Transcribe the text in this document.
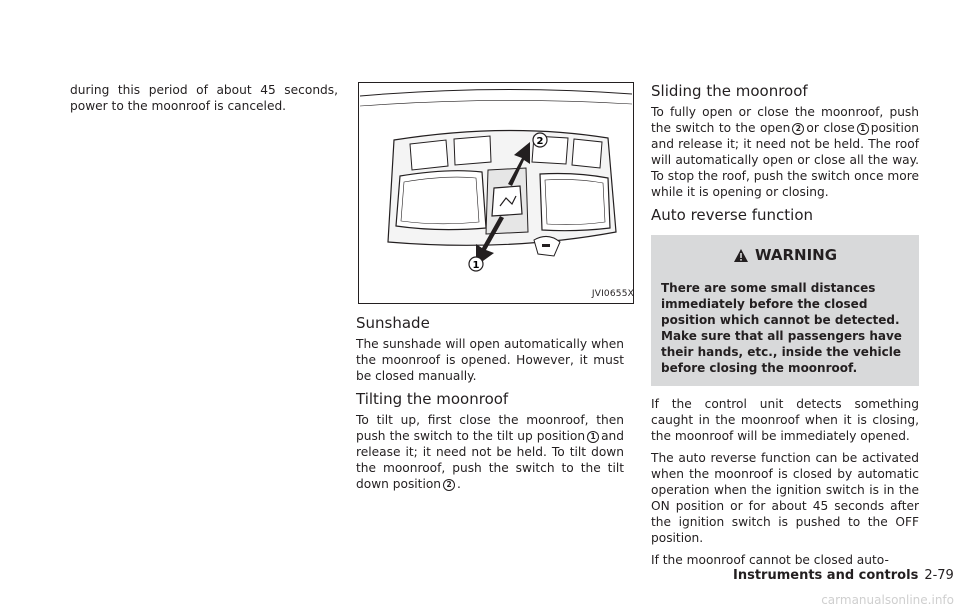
during this period of about 45 seconds, power to the moonroof is canceled.

2
1
JVI0655X
Sunshade

The sunshade will open automatically when the moonroof is opened. However, it must be closed manually.

Tilting the moonroof

To tilt up, first close the moonroof, then push the switch to the tilt up position 1 and release it; it need not be held. To tilt down the moonroof, push the switch to the tilt down position 2 .

Sliding the moonroof

To fully open or close the moonroof, push the switch to the open 2 or close 1 position and release it; it need not be held. The roof will automatically open or close all the way. To stop the roof, push the switch once more while it is opening or closing.

Auto reverse function
WARNING
There are some small distances immediately before the closed position which cannot be detected. Make sure that all passengers have their hands, etc., inside the vehicle before closing the moonroof.

If the control unit detects something caught in the moonroof when it is closing, the moonroof will be immediately opened.

The auto reverse function can be activated when the moonroof is closed by automatic operation when the ignition switch is in the ON position or for about 45 seconds after the ignition switch is pushed to the OFF position.

If the moonroof cannot be closed auto-

Instruments and controls 2-79
carmanualsonline.info
